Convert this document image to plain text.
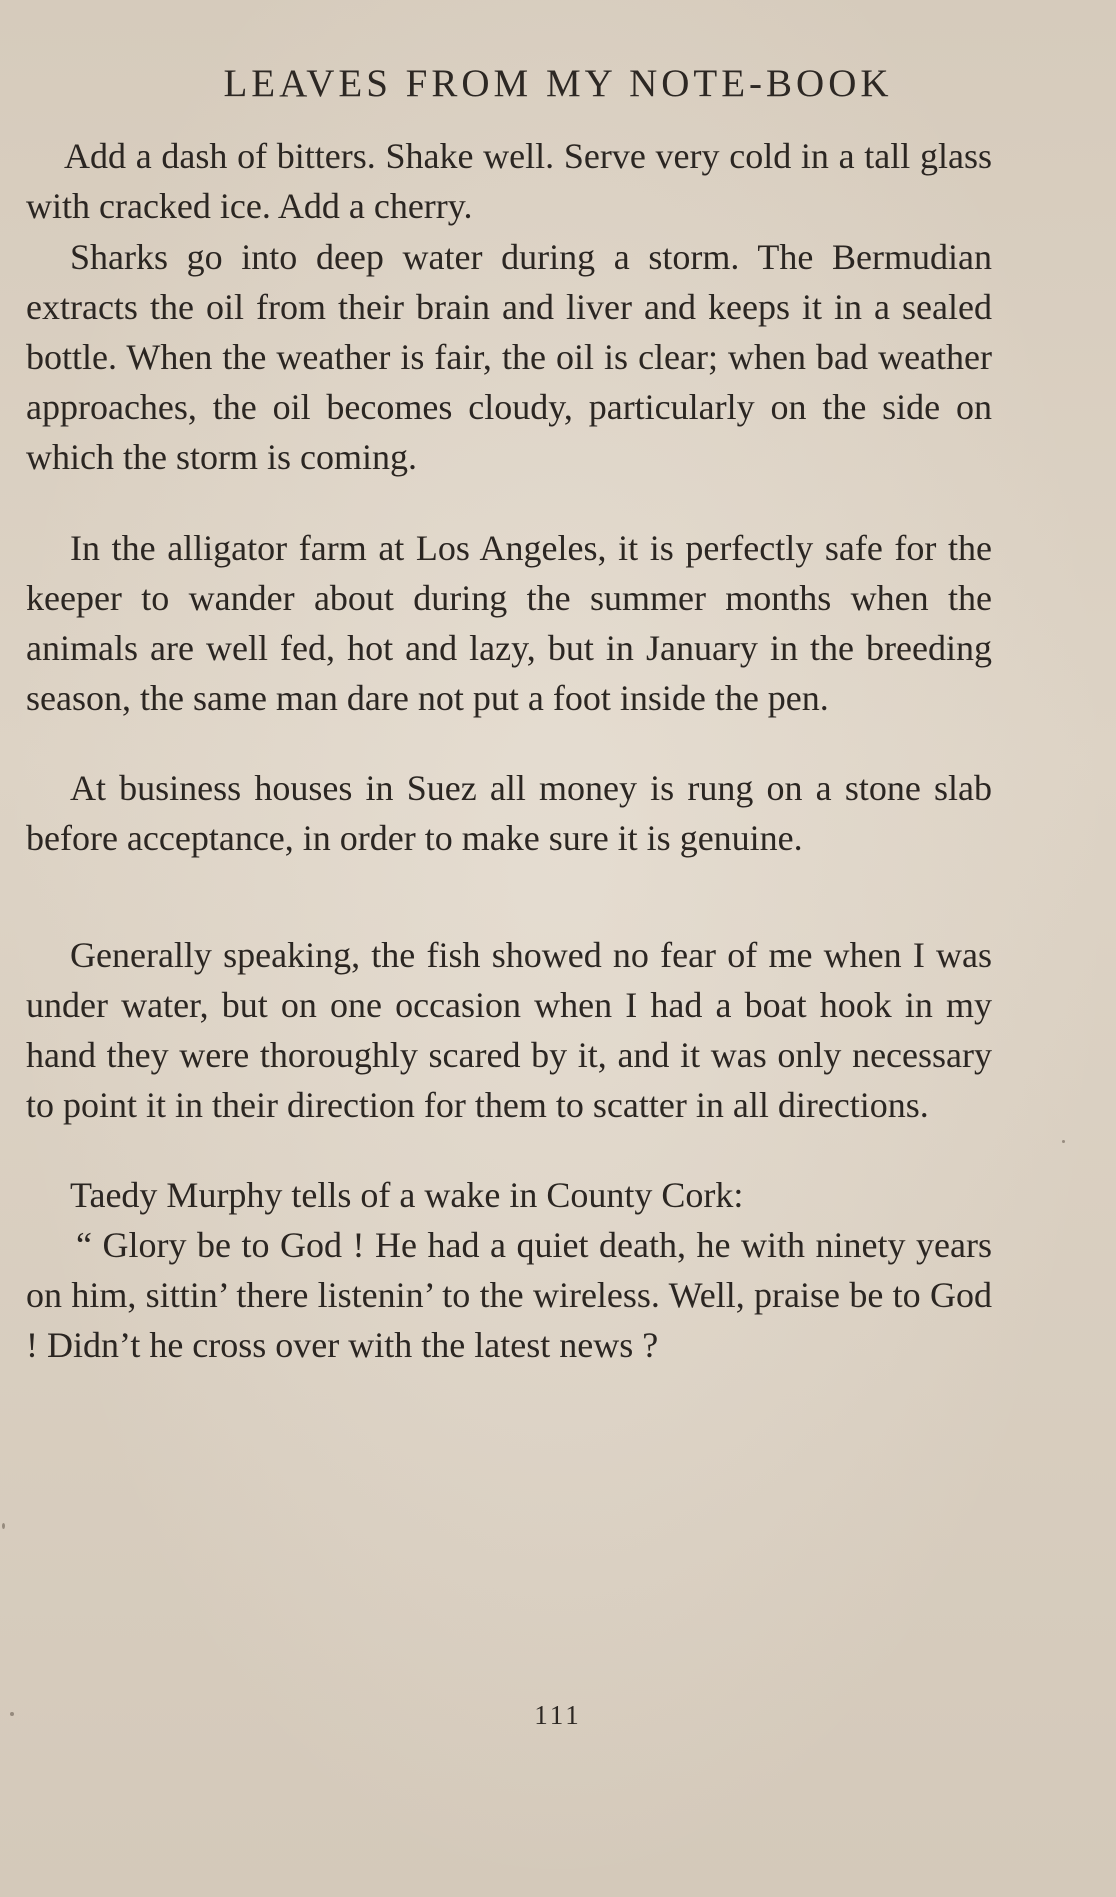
LEAVES FROM MY NOTE-BOOK

Add a dash of bitters. Shake well. Serve very cold in a tall glass with cracked ice. Add a cherry.

Sharks go into deep water during a storm. The Bermudian extracts the oil from their brain and liver and keeps it in a sealed bottle. When the weather is fair, the oil is clear; when bad weather approaches, the oil becomes cloudy, particularly on the side on which the storm is coming.

In the alligator farm at Los Angeles, it is perfectly safe for the keeper to wander about during the summer months when the animals are well fed, hot and lazy, but in January in the breeding season, the same man dare not put a foot inside the pen.

At business houses in Suez all money is rung on a stone slab before acceptance, in order to make sure it is genuine.

Generally speaking, the fish showed no fear of me when I was under water, but on one occasion when I had a boat hook in my hand they were thoroughly scared by it, and it was only necessary to point it in their direction for them to scatter in all directions.

Taedy Murphy tells of a wake in County Cork:

“ Glory be to God ! He had a quiet death, he with ninety years on him, sittin’ there listenin’ to the wireless. Well, praise be to God ! Didn’t he cross over with the latest news ?

111
